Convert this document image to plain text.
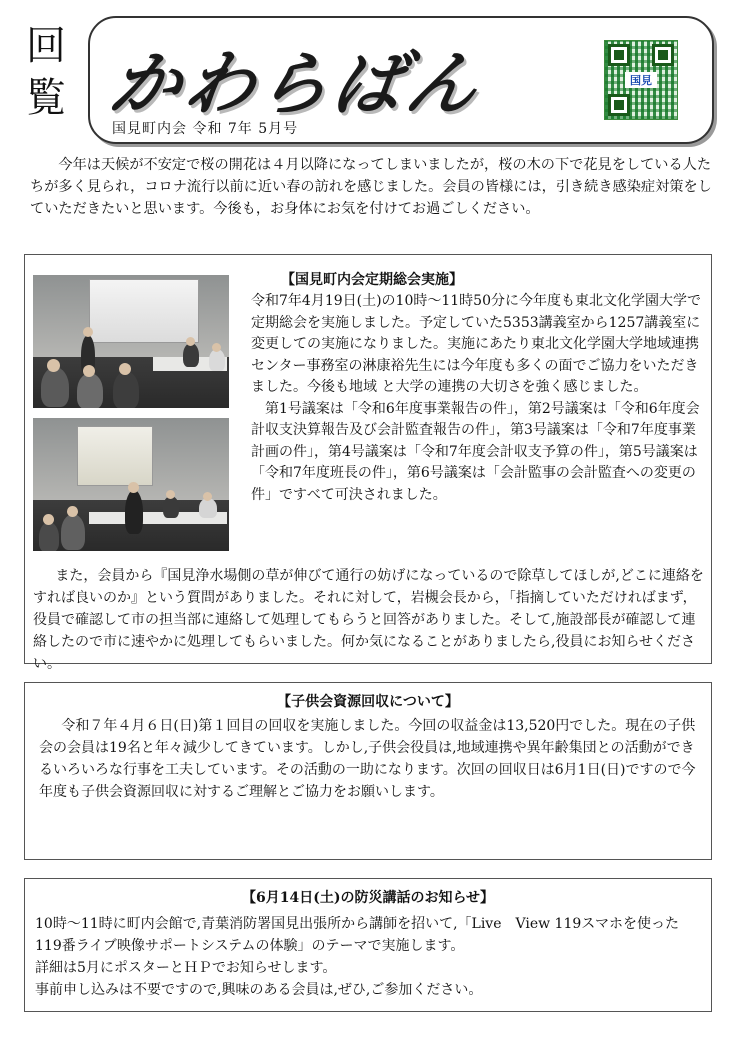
回覧 かわらばん
国見町内会 令和 7年 5月号
国見

今年は天候が不安定で桜の開花は４月以降になってしまいましたが，桜の木の下で花見をしている人たちが多く見られ，コロナ流行以前に近い春の訪れを感じました。会員の皆様には，引き続き感染症対策をしていただきたいと思います。今後も，お身体にお気を付けてお過ごしください。

【国見町内会定期総会実施】

令和7年4月19日(土)の10時～11時50分に今年度も東北文化学園大学で定期総会を実施しました。予定していた5353講義室から1257講義室に変更しての実施になりました。実施にあたり東北文化学園大学地域連携センター事務室の淋康裕先生には今年度も多くの面でご協力をいただきました。今後も地域 と大学の連携の大切さを強く感じました。
第1号議案は「令和6年度事業報告の件」，第2号議案は「令和6年度会計収支決算報告及び会計監査報告の件」，第3号議案は「令和7年度事業計画の件」，第4号議案は「令和7年度会計収支予算の件」，第5号議案は「令和7年度班長の件」，第6号議案は「会計監事の会計監査への変更の件」ですべて可決されました。

また，会員から『国見浄水場側の草が伸びて通行の妨げになっているので除草してほしが,どこに連絡をすれば良いのか』という質問がありました。それに対して，岩槻会長から，「指摘していただければまず，役員で確認して市の担当部に連絡して処理してもらうと回答がありました。そして,施設部長が確認して連絡したので市に速やかに処理してもらいました。何か気になることがありましたら,役員にお知らせください。

【子供会資源回収について】

令和７年４月６日(日)第１回目の回収を実施しました。今回の収益金は13,520円でした。現在の子供会の会員は19名と年々減少してきています。しかし,子供会役員は,地域連携や異年齢集団との活動ができるいろいろな行事を工夫しています。その活動の一助になります。次回の回収日は6月1日(日)ですので今年度も子供会資源回収に対するご理解とご協力をお願いします。

【6月14日(土)の防災講話のお知らせ】

10時～11時に町内会館で,青葉消防署国見出張所から講師を招いて,「Live　View 119スマホを使った119番ライブ映像サポートシステムの体験」のテーマで実施します。
詳細は5月にポスターとＨＰでお知らせします。
事前申し込みは不要ですので,興味のある会員は,ぜひ,ご参加ください。
